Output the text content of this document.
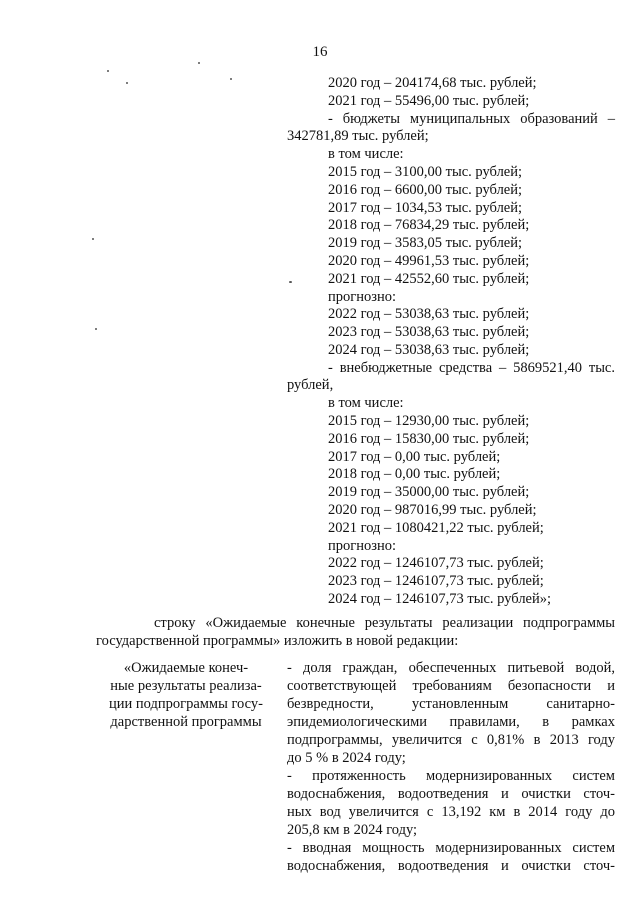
16
2020 год – 204174,68 тыс. рублей;
2021 год – 55496,00 тыс. рублей;
- бюджеты муниципальных образований –
342781,89 тыс. рублей;
в том числе:
2015 год – 3100,00 тыс. рублей;
2016 год – 6600,00 тыс. рублей;
2017 год – 1034,53 тыс. рублей;
2018 год – 76834,29 тыс. рублей;
2019 год – 3583,05 тыс. рублей;
2020 год – 49961,53 тыс. рублей;
2021 год – 42552,60 тыс. рублей;
прогнозно:
2022 год – 53038,63 тыс. рублей;
2023 год – 53038,63 тыс. рублей;
2024 год – 53038,63 тыс. рублей;
- внебюджетные средства – 5869521,40 тыс.
рублей,
в том числе:
2015 год – 12930,00 тыс. рублей;
2016 год – 15830,00 тыс. рублей;
2017 год – 0,00 тыс. рублей;
2018 год – 0,00 тыс. рублей;
2019 год – 35000,00 тыс. рублей;
2020 год – 987016,99 тыс. рублей;
2021 год – 1080421,22 тыс. рублей;
прогнозно:
2022 год – 1246107,73 тыс. рублей;
2023 год – 1246107,73 тыс. рублей;
2024 год – 1246107,73 тыс. рублей»;
строку «Ожидаемые конечные результаты реализации подпрограммы
государственной программы» изложить в новой редакции:
«Ожидаемые конеч-
ные результаты реализа-
ции подпрограммы госу-
дарственной программы
- доля граждан, обеспеченных питьевой водой,
соответствующей требованиям безопасности и
безвредности, установленным санитарно-
эпидемиологическими правилами, в рамках
подпрограммы, увеличится с 0,81% в 2013 году
до 5 % в 2024 году;
- протяженность модернизированных систем
водоснабжения, водоотведения и очистки сточ-
ных вод увеличится с 13,192 км в 2014 году до
205,8 км в 2024 году;
- вводная мощность модернизированных систем
водоснабжения, водоотведения и очистки сточ-
